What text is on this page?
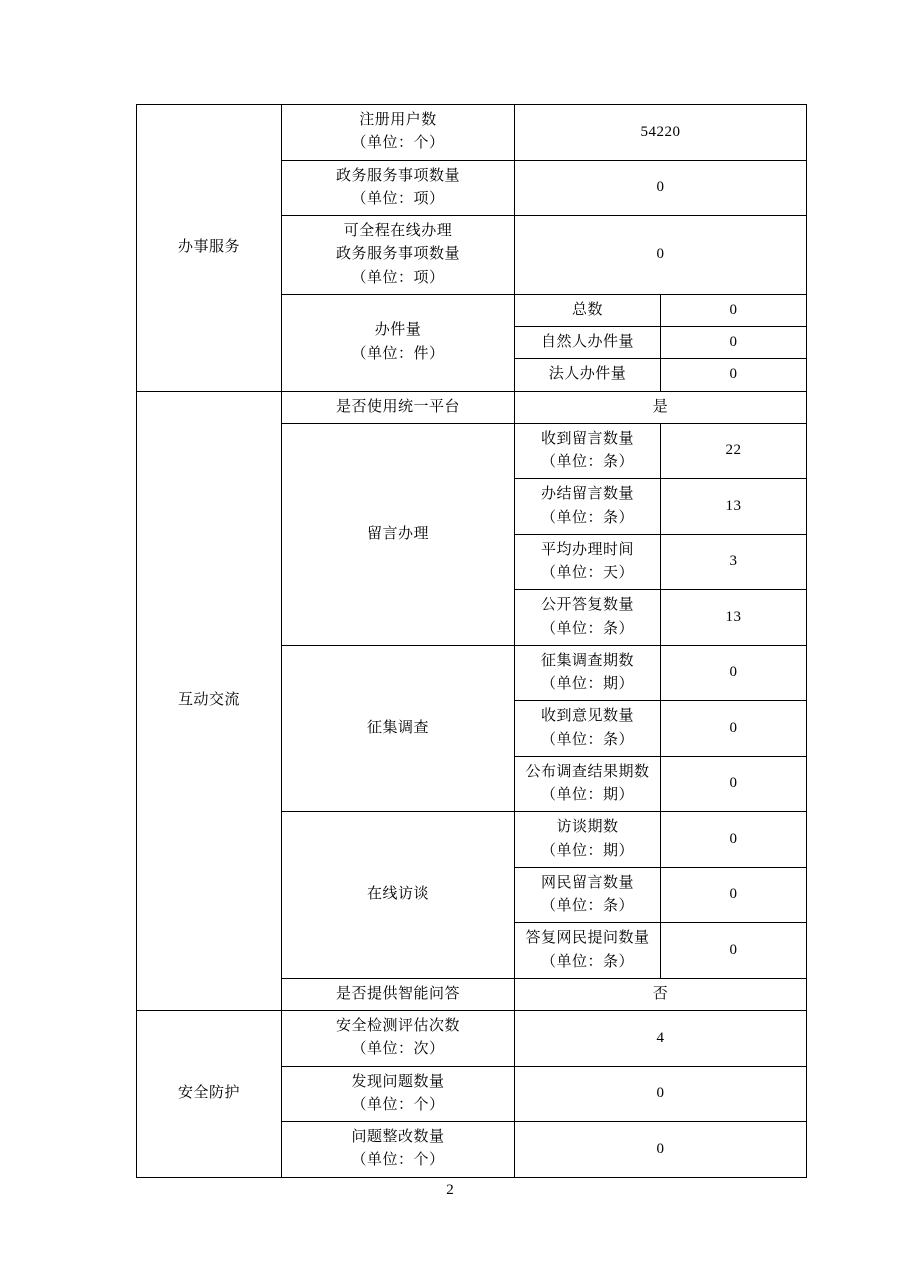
办事服务	注册用户数
（单位：个）	54220	

	政务服务事项数量
（单位：项）	0	

	可全程在线办理
政务服务事项数量
（单位：项）	0	

	办件量
（单位：件）	总数	0
		自然人办件量	0
		法人办件量	0
互动交流	是否使用统一平台	是	

	留言办理	收到留言数量
（单位：条）	22

		办结留言数量
（单位：条）	13

		平均办理时间
（单位：天）	3

		公开答复数量
（单位：条）	13

	征集调查	征集调查期数
（单位：期）	0

		收到意见数量
（单位：条）	0

		公布调查结果期数
（单位：期）	0

	在线访谈	访谈期数
（单位：期）	0

		网民留言数量
（单位：条）	0

		答复网民提问数量
（单位：条）	0

	是否提供智能问答	否	
安全防护	安全检测评估次数
（单位：次）	4	

	发现问题数量
（单位：个）	0	

	问题整改数量
（单位：个）	0	
2
